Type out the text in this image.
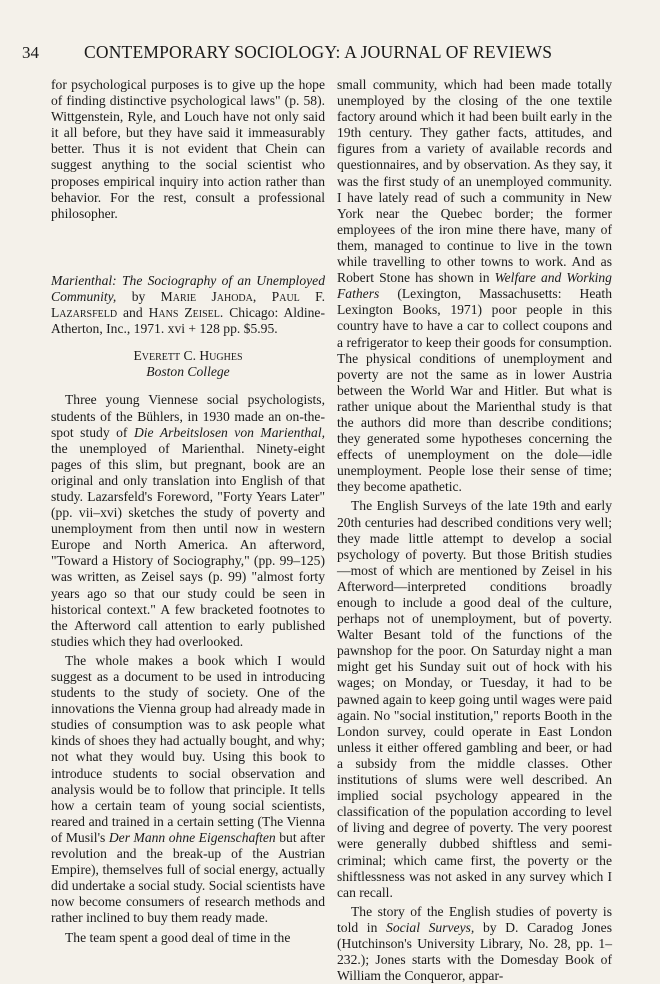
34	CONTEMPORARY SOCIOLOGY: A JOURNAL OF REVIEWS

for psychological purposes is to give up the hope of finding distinctive psychological laws" (p. 58). Wittgenstein, Ryle, and Louch have not only said it all before, but they have said it immeasurably better. Thus it is not evident that Chein can suggest anything to the social scientist who proposes empirical inquiry into action rather than behavior. For the rest, consult a professional philosopher.

Marienthal: The Sociography of an Unemployed Community, by Marie Jahoda, Paul F. Lazarsfeld and Hans Zeisel. Chicago: Aldine-Atherton, Inc., 1971. xvi + 128 pp. $5.95.

Everett C. Hughes

Boston College

Three young Viennese social psychologists, students of the Bühlers, in 1930 made an on-the-spot study of Die Arbeitslosen von Marienthal, the unemployed of Marienthal. Ninety-eight pages of this slim, but pregnant, book are an original and only translation into English of that study. Lazarsfeld's Foreword, "Forty Years Later" (pp. vii–xvi) sketches the study of poverty and unemployment from then until now in western Europe and North America. An afterword, "Toward a History of Sociography," (pp. 99–125) was written, as Zeisel says (p. 99) "almost forty years ago so that our study could be seen in historical context." A few bracketed footnotes to the Afterword call attention to early published studies which they had overlooked.

The whole makes a book which I would suggest as a document to be used in introducing students to the study of society. One of the innovations the Vienna group had already made in studies of consumption was to ask people what kinds of shoes they had actually bought, and why; not what they would buy. Using this book to introduce students to social observation and analysis would be to follow that principle. It tells how a certain team of young social scientists, reared and trained in a certain setting (The Vienna of Musil's Der Mann ohne Eigenschaften but after revolution and the break-up of the Austrian Empire), themselves full of social energy, actually did undertake a social study. Social scientists have now become consumers of research methods and rather inclined to buy them ready made.

The team spent a good deal of time in the

small community, which had been made totally unemployed by the closing of the one textile factory around which it had been built early in the 19th century. They gather facts, attitudes, and figures from a variety of available records and questionnaires, and by observation. As they say, it was the first study of an unemployed community. I have lately read of such a community in New York near the Quebec border; the former employees of the iron mine there have, many of them, managed to continue to live in the town while travelling to other towns to work. And as Robert Stone has shown in Welfare and Working Fathers (Lexington, Massachusetts: Heath Lexington Books, 1971) poor people in this country have to have a car to collect coupons and a refrigerator to keep their goods for consumption. The physical conditions of unemployment and poverty are not the same as in lower Austria between the World War and Hitler. But what is rather unique about the Marienthal study is that the authors did more than describe conditions; they generated some hypotheses concerning the effects of unemployment on the dole—idle unemployment. People lose their sense of time; they become apathetic.

The English Surveys of the late 19th and early 20th centuries had described conditions very well; they made little attempt to develop a social psychology of poverty. But those British studies—most of which are mentioned by Zeisel in his Afterword—interpreted conditions broadly enough to include a good deal of the culture, perhaps not of unemployment, but of poverty. Walter Besant told of the functions of the pawnshop for the poor. On Saturday night a man might get his Sunday suit out of hock with his wages; on Monday, or Tuesday, it had to be pawned again to keep going until wages were paid again. No "social institution," reports Booth in the London survey, could operate in East London unless it either offered gambling and beer, or had a subsidy from the middle classes. Other institutions of slums were well described. An implied social psychology appeared in the classification of the population according to level of living and degree of poverty. The very poorest were generally dubbed shiftless and semi-criminal; which came first, the poverty or the shiftlessness was not asked in any survey which I can recall.

The story of the English studies of poverty is told in Social Surveys, by D. Caradog Jones (Hutchinson's University Library, No. 28, pp. 1–232.); Jones starts with the Domesday Book of William the Conqueror, appar-
